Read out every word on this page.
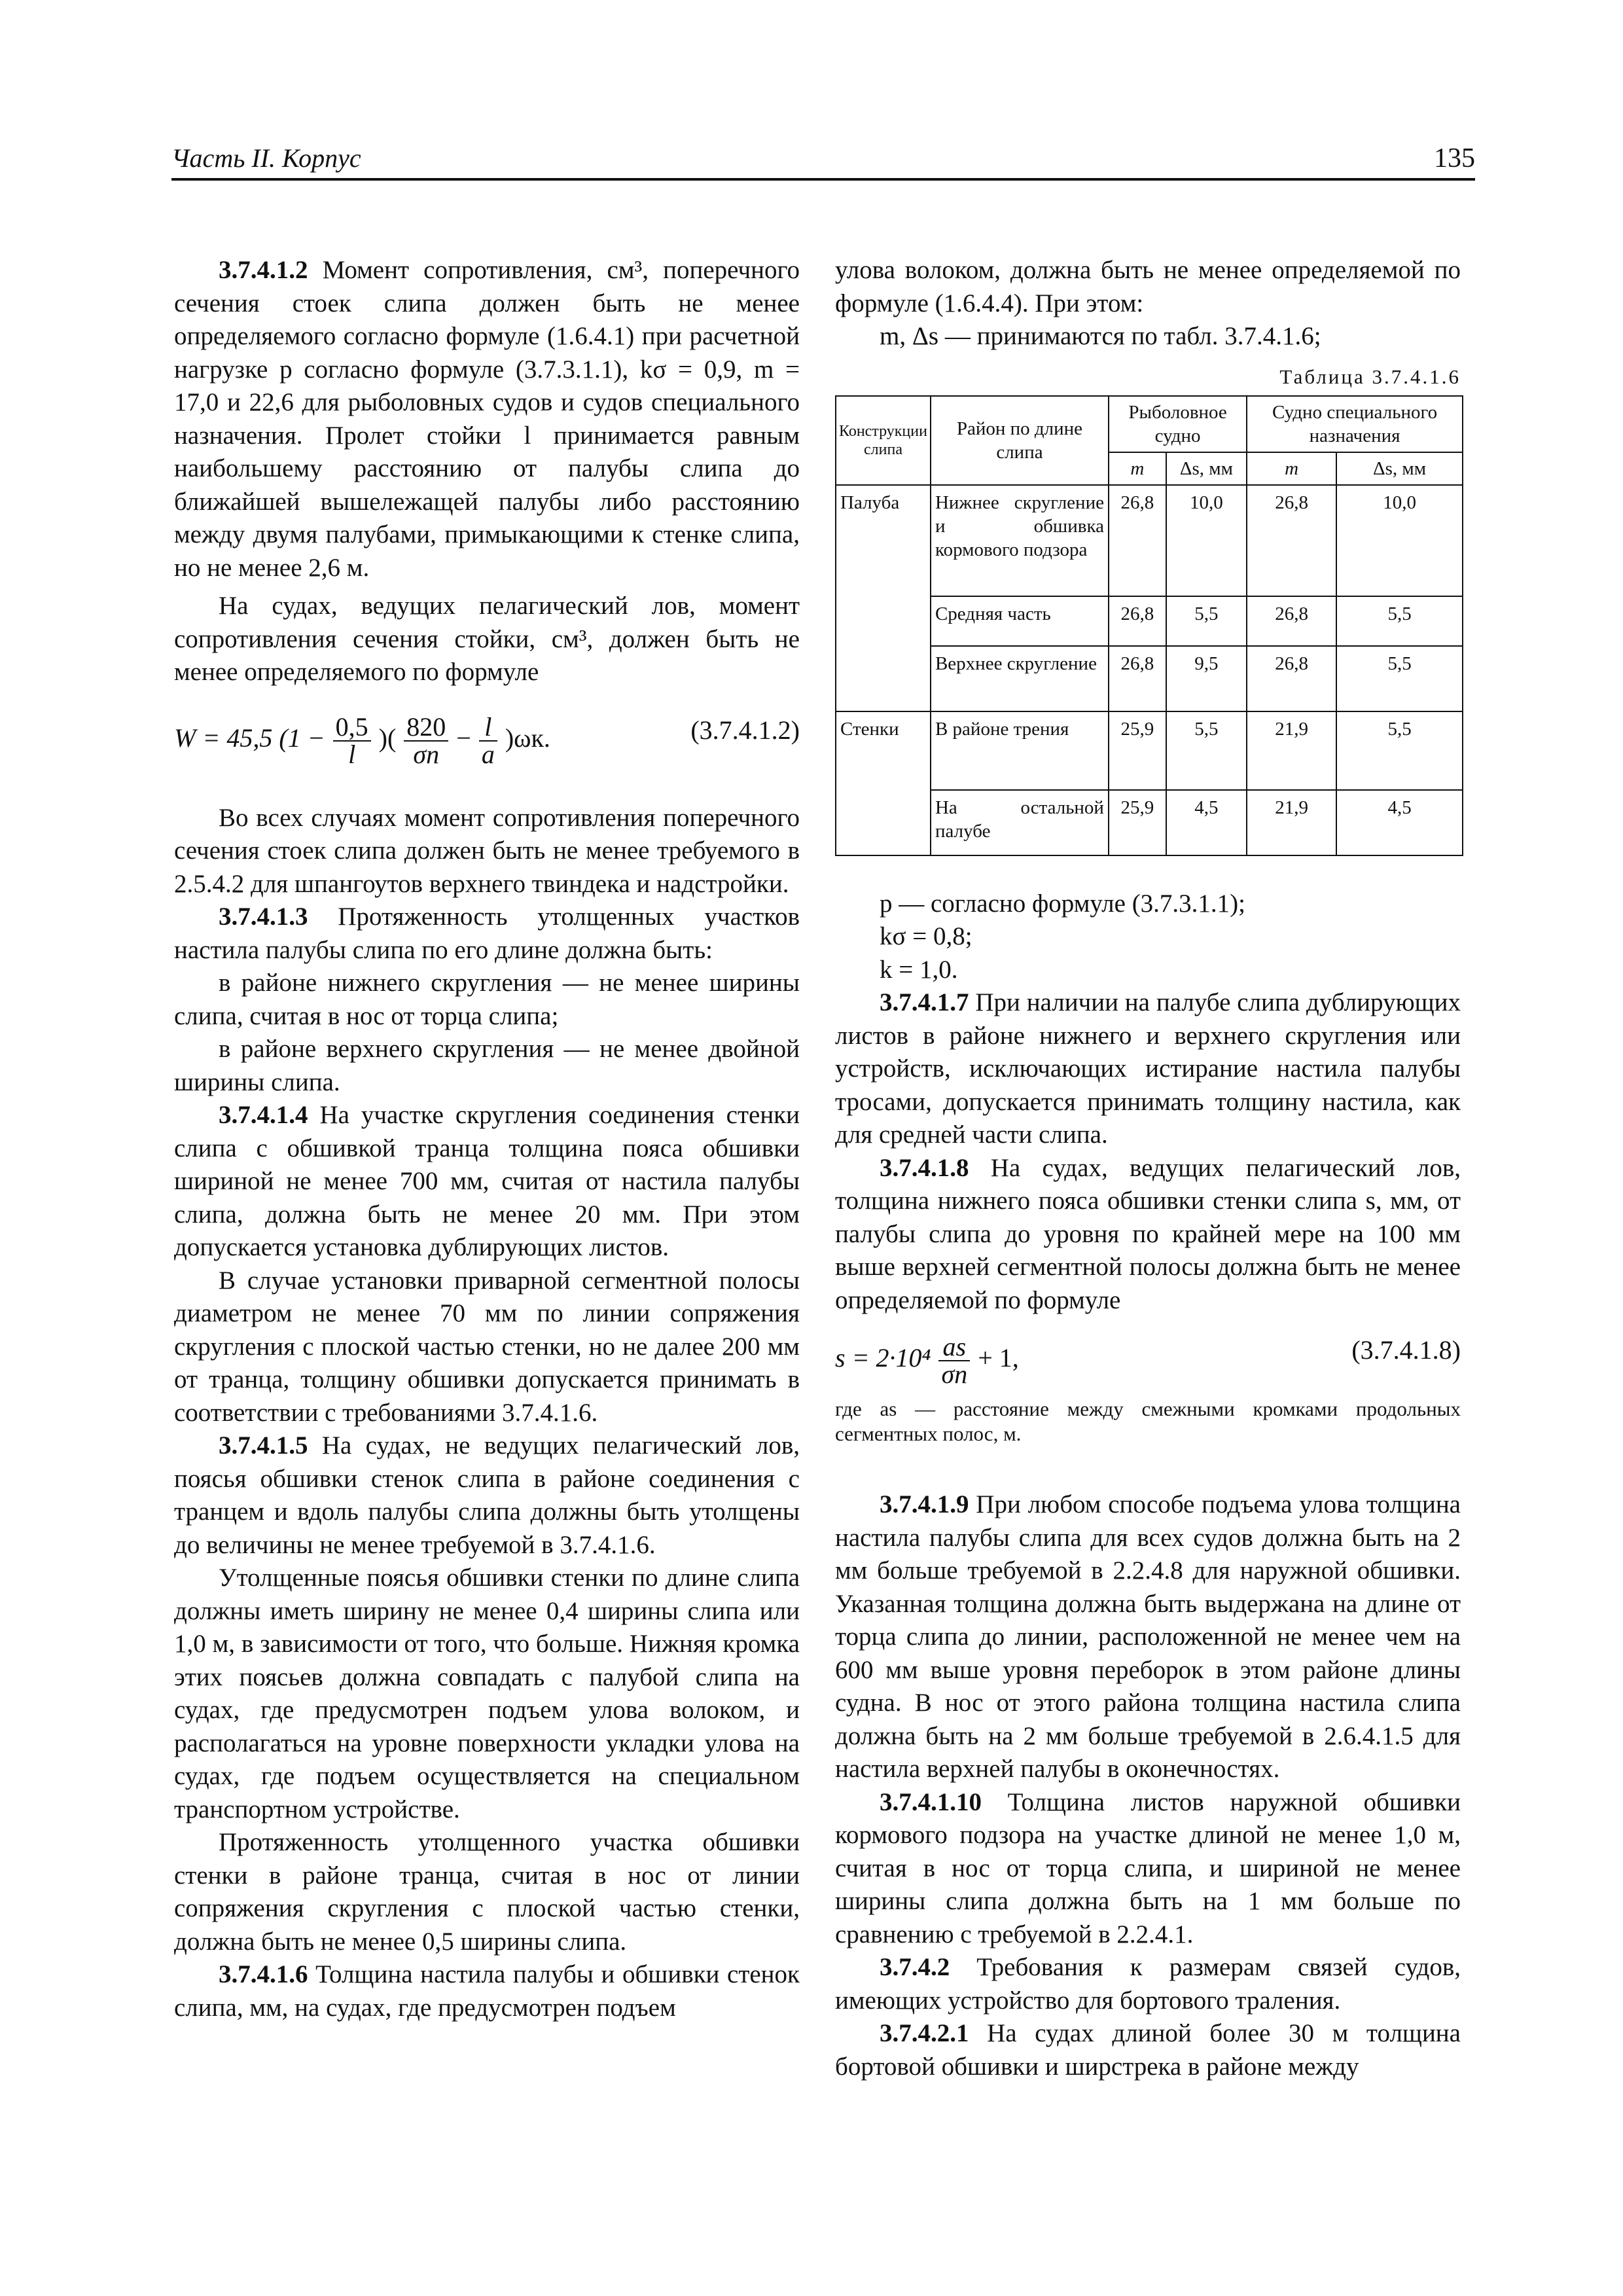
Часть II. Корпус	135

3.7.4.1.2 Момент сопротивления, см³, поперечного сечения стоек слипа должен быть не менее определяемого согласно формуле (1.6.4.1) при расчетной нагрузке p согласно формуле (3.7.3.1.1), kσ = 0,9, m = 17,0 и 22,6 для рыболовных судов и судов специального назначения. Пролет стойки l принимается равным наибольшему расстоянию от палубы слипа до ближайшей вышележащей палубы либо расстоянию между двумя палубами, примыкающими к стенке слипа, но не менее 2,6 м.

На судах, ведущих пелагический лов, момент сопротивления сечения стойки, см³, должен быть не менее определяемого по формуле

W = 45,5 ($1 - \frac{0,5}{l}$ )( $\frac{820}{\sigma n} - \frac{l}{a} )\omega к$.	(3.7.4.1.2)

Во всех случаях момент сопротивления поперечного сечения стоек слипа должен быть не менее требуемого в 2.5.4.2 для шпангоутов верхнего твиндека и надстройки.

3.7.4.1.3 Протяженность утолщенных участков настила палубы слипа по его длине должна быть:

в районе нижнего скругления — не менее ширины слипа, считая в нос от торца слипа;

в районе верхнего скругления — не менее двойной ширины слипа.

3.7.4.1.4 На участке скругления соединения стенки слипа с обшивкой транца толщина пояса обшивки шириной не менее 700 мм, считая от настила палубы слипа, должна быть не менее 20 мм. При этом допускается установка дублирующих листов.

В случае установки приварной сегментной полосы диаметром не менее 70 мм по линии сопряжения скругления с плоской частью стенки, но не далее 200 мм от транца, толщину обшивки допускается принимать в соответствии с требованиями 3.7.4.1.6.

3.7.4.1.5 На судах, не ведущих пелагический лов, поясья обшивки стенок слипа в районе соединения с транцем и вдоль палубы слипа должны быть утолщены до величины не менее требуемой в 3.7.4.1.6.

Утолщенные пояcья обшивки стенки по длине слипа должны иметь ширину не менее 0,4 ширины слипа или 1,0 м, в зависимости от того, что больше. Нижняя кромка этих поясьев должна совпадать с палубой слипа на судах, где предусмотрен подъем улова волоком, и располагаться на уровне поверхности укладки улова на судах, где подъем осуществляется на специальном транспортном устройстве.

Протяженность утолщенного участка обшивки стенки в районе транца, считая в нос от линии сопряжения скругления с плоской частью стенки, должна быть не менее 0,5 ширины слипа.

3.7.4.1.6 Толщина настила палубы и обшивки стенок слипа, мм, на судах, где предусмотрен подъем

улова волоком, должна быть не менее определяемой по формуле (1.6.4.4). При этом:

m, Δs — принимаются по табл. 3.7.4.1.6;

Таблица 3.7.4.1.6
Конструкции слипа	Район по длине слипа	Рыболовное судно		Судно специального назначения	
		m	Δs, мм	m	Δs, мм
Палуба	Нижнее скругление и обшивка кормового подзора	26,8	10,0	26,8	10,0
	Средняя часть	26,8	5,5	26,8	5,5
	Верхнее скругление	26,8	9,5	26,8	5,5
Стенки	В районе трения	25,9	5,5	21,9	5,5
	На остальной палубе	25,9	4,5	21,9	4,5

p — согласно формуле (3.7.3.1.1);

kσ = 0,8;

k = 1,0.

3.7.4.1.7 При наличии на палубе слипа дублирующих листов в районе нижнего и верхнего скругления или устройств, исключающих истирание настила палубы тросами, допускается принимать толщину настила, как для средней части слипа.

3.7.4.1.8 На судах, ведущих пелагический лов, толщина нижнего пояса обшивки стенки слипа s, мм, от палубы слипа до уровня по крайней мере на 100 мм выше верхней сегментной полосы должна быть не менее определяемой по формуле

$s = 2\cdot 10^4 \frac{as}{\sigma n} + 1$,	(3.7.4.1.8)
где as — расстояние между смежными кромками продольных сегментных полос, м.

3.7.4.1.9 При любом способе подъема улова толщина настила палубы слипа для всех судов должна быть на 2 мм больше требуемой в 2.2.4.8 для наружной обшивки. Указанная толщина должна быть выдержана на длине от торца слипа до линии, расположенной не менее чем на 600 мм выше уровня переборок в этом районе длины судна. В нос от этого района толщина настила слипа должна быть на 2 мм больше требуемой в 2.6.4.1.5 для настила верхней палубы в оконечностях.

3.7.4.1.10 Толщина листов наружной обшивки кормового подзора на участке длиной не менее 1,0 м, считая в нос от торца слипа, и шириной не менее ширины слипа должна быть на 1 мм больше по сравнению с требуемой в 2.2.4.1.

3.7.4.2 Требования к размерам связей судов, имеющих устройство для бортового траления.

3.7.4.2.1 На судах длиной более 30 м толщина бортовой обшивки и ширстрека в районе между
